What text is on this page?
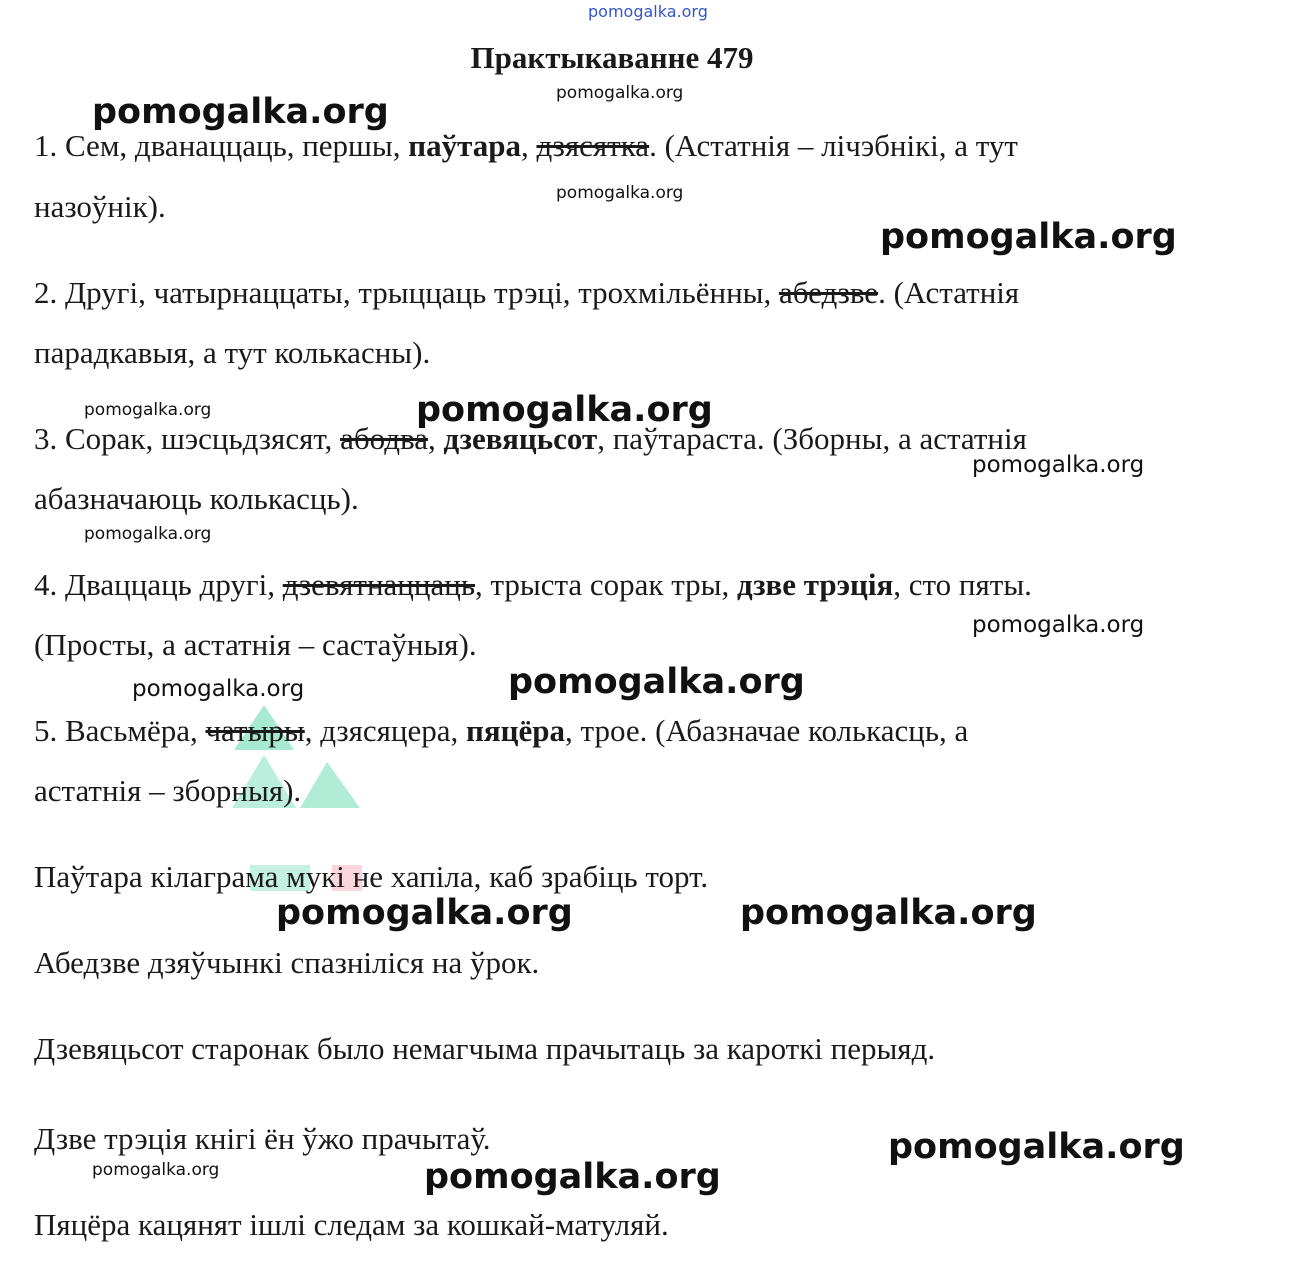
pomogalka.org
Практыкаванне 479
1. Сем, дванаццаць, першы, паўтара, дзясятка. (Астатнія – лічэбнікі, а тут
назоўнік).
2. Другі, чатырнаццаты, трыццаць трэці, трохмільённы, абедзве. (Астатнія
парадкавыя, а тут колькасны).
3. Сорак, шэсцьдзясят, абодва, дзевяцьсот, паўтараста. (Зборны, а астатнія
абазначаюць колькасць).
4. Дваццаць другі, дзевятнаццаць, трыста сорак тры, дзве трэція, сто пяты.
(Просты, а астатнія – састаўныя).
5. Васьмёра, чатыры, дзясяцера, пяцёра, трое. (Абазначае колькасць, а
астатнія – зборныя).
Паўтара кілаграма мукі не хапіла, каб зрабіць торт.
Абедзве дзяўчынкі спазніліся на ўрок.
Дзевяцьсот старонак было немагчыма прачытаць за кароткі перыяд.
Дзве трэція кнігі ён ўжо прачытаў.
Пяцёра кацянят ішлі следам за кошкай-матуляй.
pomogalka.org
pomogalka.org
pomogalka.org
pomogalka.org
pomogalka.org	pomogalka.org
pomogalka.org
pomogalka.org
pomogalka.org
pomogalka.org	pomogalka.org
pomogalka.org	pomogalka.org
pomogalka.org
pomogalka.org	pomogalka.org
